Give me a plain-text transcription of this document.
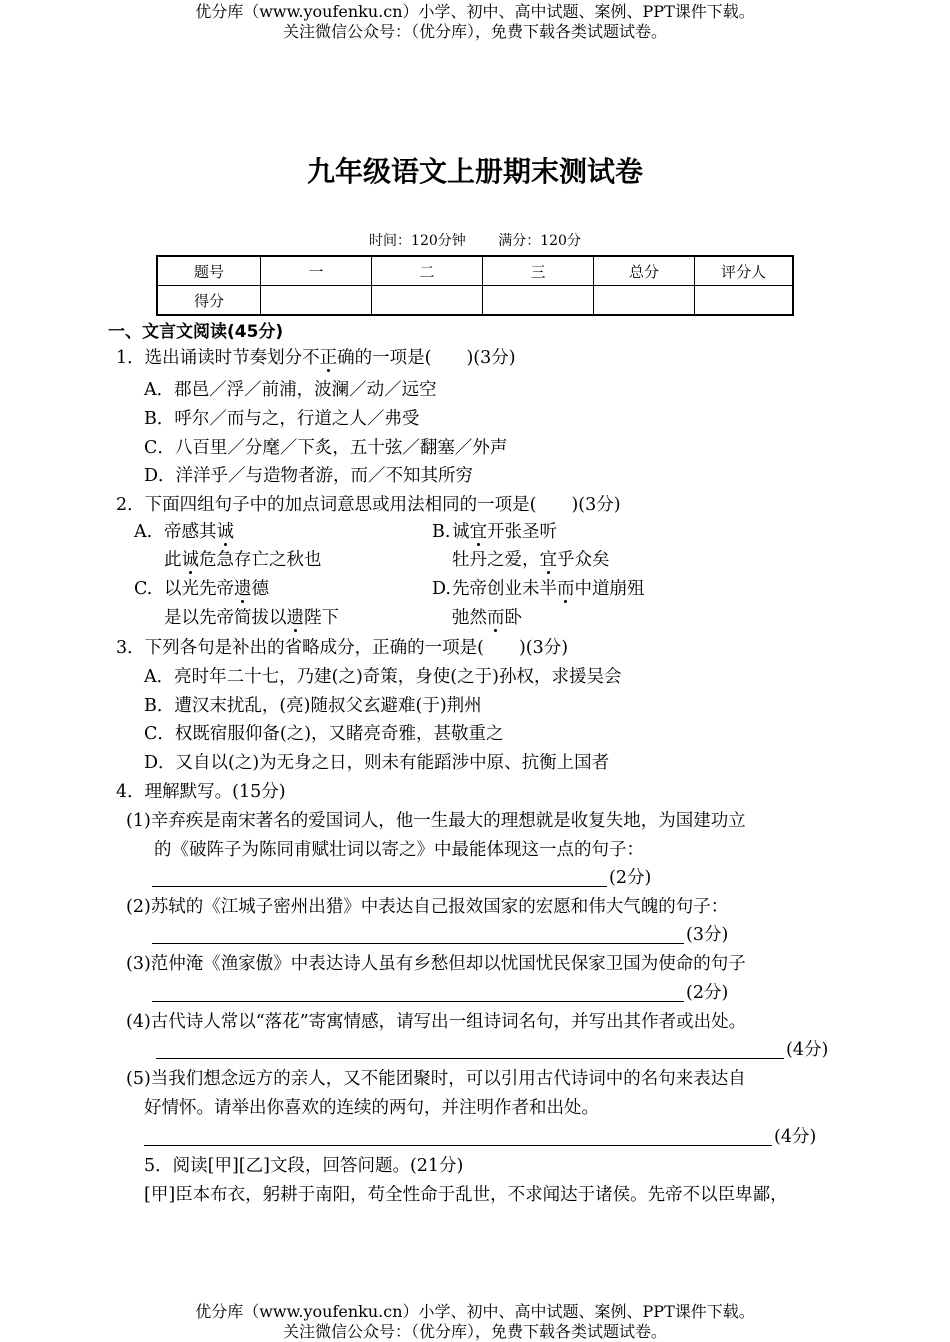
优分库（www.youfenku.cn）小学、初中、高中试题、案例、PPT课件下载。
关注微信公众号：（优分库），免费下载各类试题试卷。
九年级语文上册期末测试卷
时间：120分钟 满分：120分
题号	一	二	三	总分	评分人
得分					
一、文言文阅读(45分)
1．选出诵读时节奏划分不正确的一项是(　　)(3分)
A．郡邑／浮／前浦，波澜／动／远空
B．呼尔／而与之，行道之人／弗受
C．八百里／分麾／下炙，五十弦／翻塞／外声
D．洋洋乎／与造物者游，而／不知其所穷
2．下面四组句子中的加点词意思或用法相同的一项是(　　)(3分)
A. 帝感其诚
此诚危急存亡之秋也
B. 诚宜开张圣听
牡丹之爱，宜乎众矣
C. 以光先帝遗德
是以先帝简拔以遗陛下
D. 先帝创业未半而中道崩殂
弛然而卧
3．下列各句是补出的省略成分，正确的一项是(　　)(3分)
A．亮时年二十七，乃建(之)奇策，身使(之于)孙权，求援吴会
B．遭汉末扰乱，(亮)随叔父玄避难(于)荆州
C．权既宿服仰备(之)，又睹亮奇雅，甚敬重之
D．又自以(之)为无身之日，则未有能蹈涉中原、抗衡上国者
4．理解默写。(15分)
(1)辛弃疾是南宋著名的爱国词人，他一生最大的理想就是收复失地，为国建功立
的《破阵子为陈同甫赋壮词以寄之》中最能体现这一点的句子：
(2分)
(2)苏轼的《江城子密州出猎》中表达自己报效国家的宏愿和伟大气魄的句子：
(3分)
(3)范仲淹《渔家傲》中表达诗人虽有乡愁但却以忧国忧民保家卫国为使命的句子
(2分)
(4)古代诗人常以“落花”寄寓情感，请写出一组诗词名句，并写出其作者或出处。
(4分)
(5)当我们想念远方的亲人，又不能团聚时，可以引用古代诗词中的名句来表达自
好情怀。请举出你喜欢的连续的两句，并注明作者和出处。
(4分)
5．阅读[甲][乙]文段，回答问题。(21分)
[甲]臣本布衣，躬耕于南阳，苟全性命于乱世，不求闻达于诸侯。先帝不以臣卑鄙，
优分库（www.youfenku.cn）小学、初中、高中试题、案例、PPT课件下载。
关注微信公众号：（优分库），免费下载各类试题试卷。
